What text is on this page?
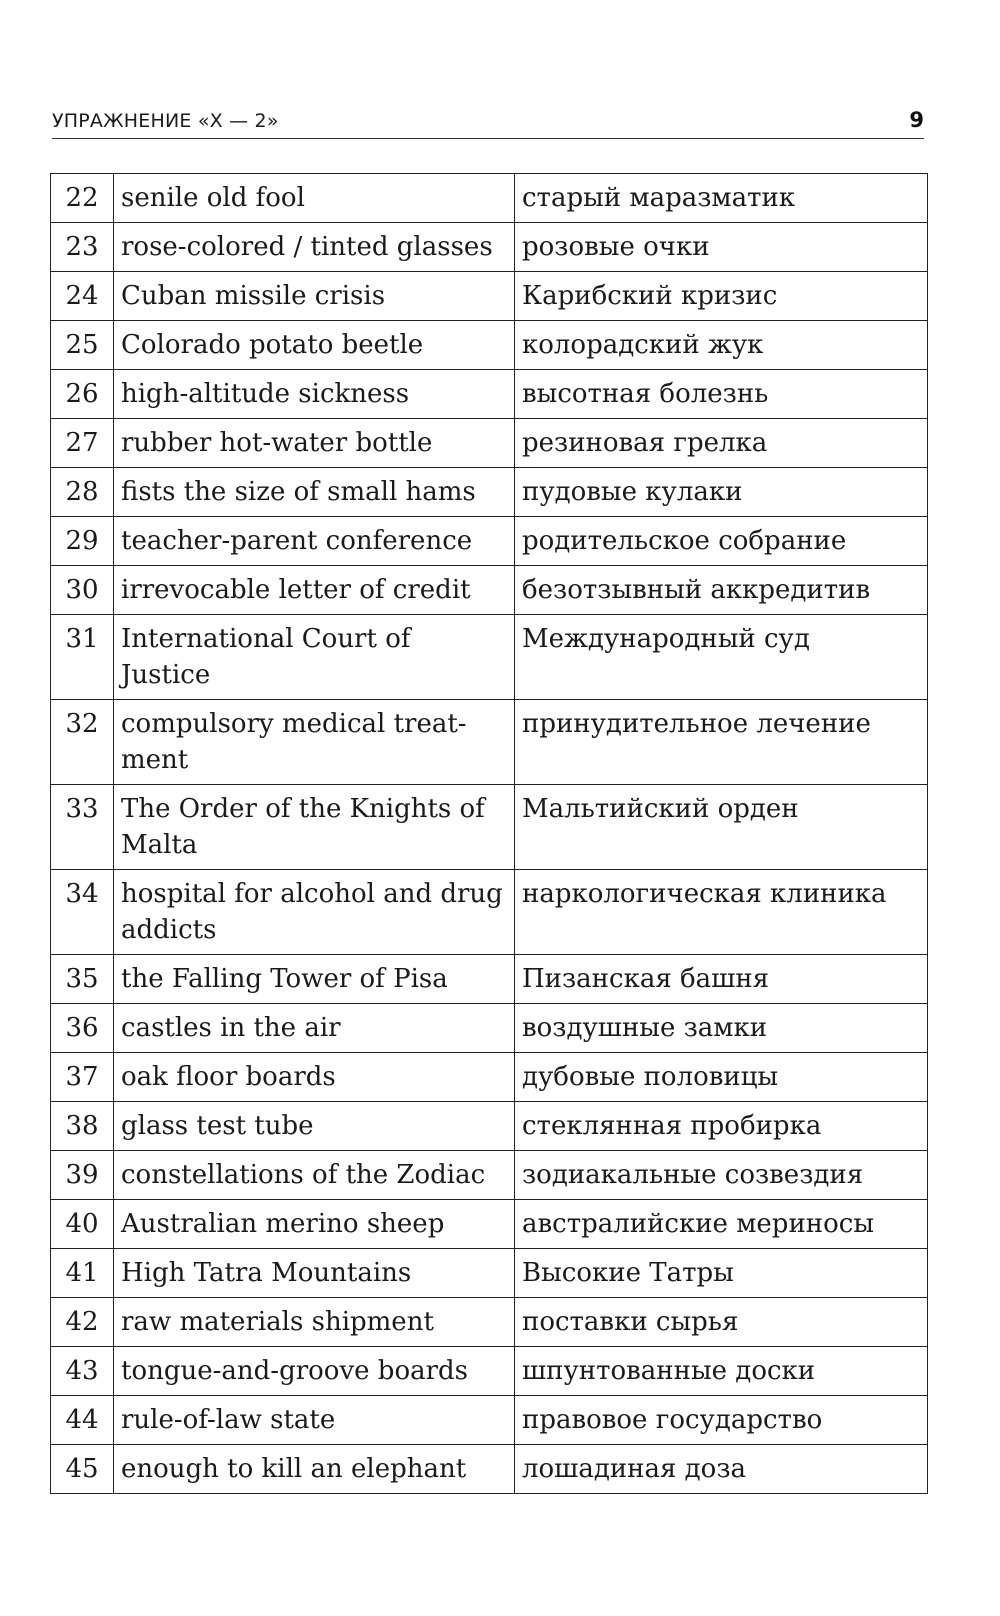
УПРАЖНЕНИЕ «X — 2»	9
22	senile old fool	старый маразматик
23	rose-colored / tinted glasses	розовые очки
24	Cuban missile crisis	Карибский кризис
25	Colorado potato beetle	колорадский жук
26	high-altitude sickness	высотная болезнь
27	rubber hot-water bottle	резиновая грелка
28	fists the size of small hams	пудовые кулаки
29	teacher-parent conference	родительское собрание
30	irrevocable letter of credit	безотзывный аккредитив
31	International Court of Justice	Международный суд
32	compulsory medical treat-ment	принудительное лечение
33	The Order of the Knights of Malta	Мальтийский орден
34	hospital for alcohol and drug addicts	наркологическая клиника
35	the Falling Tower of Pisa	Пизанская башня
36	castles in the air	воздушные замки
37	oak floor boards	дубовые половицы
38	glass test tube	стеклянная пробирка
39	constellations of the Zodiac	зодиакальные созвездия
40	Australian merino sheep	австралийские мериносы
41	High Tatra Mountains	Высокие Татры
42	raw materials shipment	поставки сырья
43	tongue-and-groove boards	шпунтованные доски
44	rule-of-law state	правовое государство
45	enough to kill an elephant	лошадиная доза
